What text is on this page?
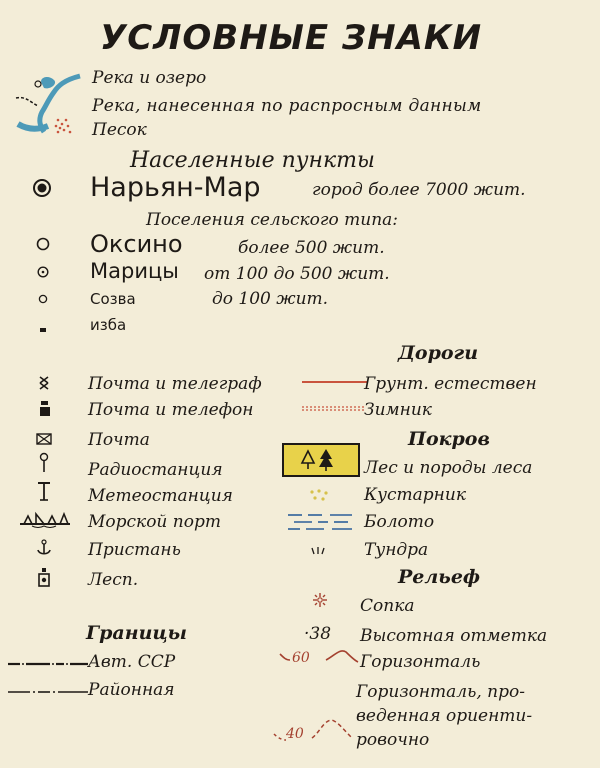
УСЛОВНЫЕ ЗНАКИ
Река и озеро
Река, нанесенная по распросным данным
Песок
Населенные пункты
Нарьян-Мар	город более 7000 жит.
Поселения сельского типа:
Оксино	более 500 жит.
Марицы от 100 до 500 жит.
Созва	до 100 жит.
изба
Дороги
Грунт. естествен
Зимник
Почта и телеграф
Почта и телефон
Почта
Радиостанция
Метеостанция
Морской порт
Пристань
Лесп.
Покров
Лес и породы леса
Кустарник
Болото
Тундра
Рельеф
Сопка
·38 Высотная отметка
60	Горизонталь
Горизонталь, про-
веденная ориенти-
ровочно
40
Границы
Авт. ССР
Районная
